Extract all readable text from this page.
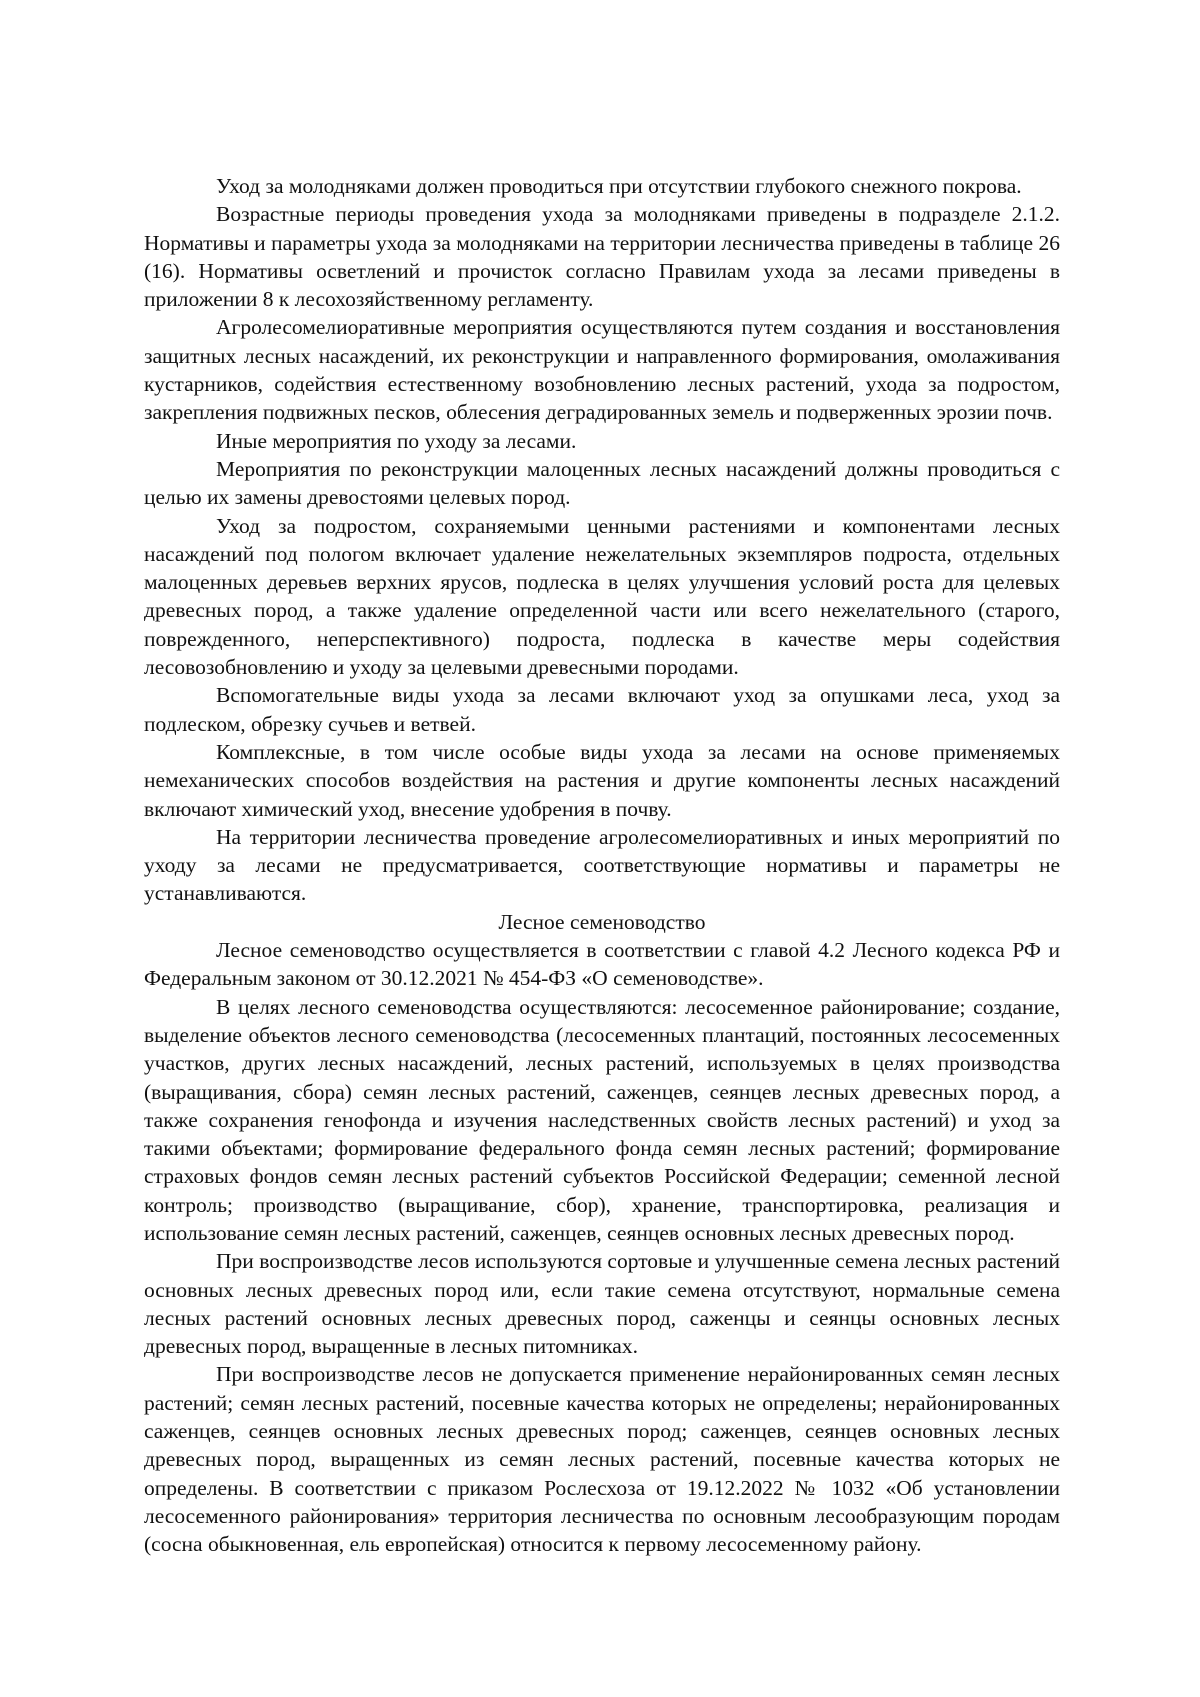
Уход за молодняками должен проводиться при отсутствии глубокого снежного покрова.

Возрастные периоды проведения ухода за молодняками приведены в подразделе 2.1.2. Нормативы и параметры ухода за молодняками на территории лесничества приведены в таблице 26 (16). Нормативы осветлений и прочисток согласно Правилам ухода за лесами приведены в приложении 8 к лесохозяйственному регламенту.

Агролесомелиоративные мероприятия осуществляются путем создания и восстановления защитных лесных насаждений, их реконструкции и направленного формирования, омолаживания кустарников, содействия естественному возобновлению лесных растений, ухода за подростом, закрепления подвижных песков, облесения деградированных земель и подверженных эрозии почв.

Иные мероприятия по уходу за лесами.

Мероприятия по реконструкции малоценных лесных насаждений должны проводиться с целью их замены древостоями целевых пород.

Уход за подростом, сохраняемыми ценными растениями и компонентами лесных насаждений под пологом включает удаление нежелательных экземпляров подроста, отдельных малоценных деревьев верхних ярусов, подлеска в целях улучшения условий роста для целевых древесных пород, а также удаление определенной части или всего нежелательного (старого, поврежденного, неперспективного) подроста, подлеска в качестве меры содействия лесовозобновлению и уходу за целевыми древесными породами.

Вспомогательные виды ухода за лесами включают уход за опушками леса, уход за подлеском, обрезку сучьев и ветвей.

Комплексные, в том числе особые виды ухода за лесами на основе применяемых немеханических способов воздействия на растения и другие компоненты лесных насаждений включают химический уход, внесение удобрения в почву.

На территории лесничества проведение агролесомелиоративных и иных мероприятий по уходу за лесами не предусматривается, соответствующие нормативы и параметры не устанавливаются.

Лесное семеноводство

Лесное семеноводство осуществляется в соответствии с главой 4.2 Лесного кодекса РФ и Федеральным законом от 30.12.2021 № 454-ФЗ «О семеноводстве».

В целях лесного семеноводства осуществляются: лесосеменное районирование; создание, выделение объектов лесного семеноводства (лесосеменных плантаций, постоянных лесосеменных участков, других лесных насаждений, лесных растений, используемых в целях производства (выращивания, сбора) семян лесных растений, саженцев, сеянцев лесных древесных пород, а также сохранения генофонда и изучения наследственных свойств лесных растений) и уход за такими объектами; формирование федерального фонда семян лесных растений; формирование страховых фондов семян лесных растений субъектов Российской Федерации; семенной лесной контроль; производство (выращивание, сбор), хранение, транспортировка, реализация и использование семян лесных растений, саженцев, сеянцев основных лесных древесных пород.

При воспроизводстве лесов используются сортовые и улучшенные семена лесных растений основных лесных древесных пород или, если такие семена отсутствуют, нормальные семена лесных растений основных лесных древесных пород, саженцы и сеянцы основных лесных древесных пород, выращенные в лесных питомниках.

При воспроизводстве лесов не допускается применение нерайонированных семян лесных растений; семян лесных растений, посевные качества которых не определены; нерайонированных саженцев, сеянцев основных лесных древесных пород; саженцев, сеянцев основных лесных древесных пород, выращенных из семян лесных растений, посевные качества которых не определены. В соответствии с приказом Рослесхоза от 19.12.2022 № 1032 «Об установлении лесосеменного районирования» территория лесничества по основным лесообразующим породам (сосна обыкновенная, ель европейская) относится к первому лесосеменному району.
